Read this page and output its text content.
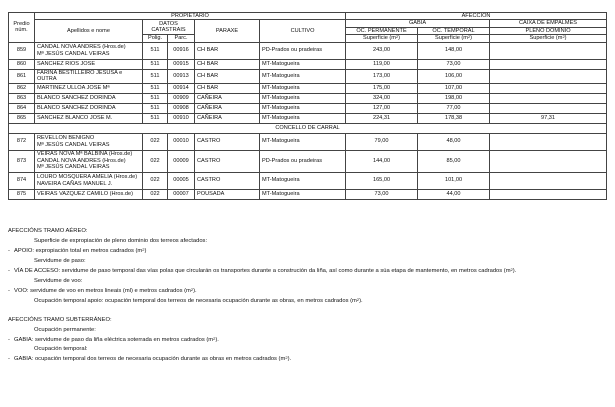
Predio núm.	PROPIETARIO					AFECCIÓN		
	Apellidos e nome	DATOS CATASTRAIS		PARAXE	CULTIVO	GABIA		CAIXA DE EMPALMES
						OC. PERMANENTE	OC. TEMPORAL	PLENO DOMINIO
		Polig.	Parc.			Superficie $(m^2)$	Superficie $(m^2)$	Superficie $(m^2)$
859	CANDAL NOVA ANDRES (Hros.de)
Mª JESÚS CANDAL VEIRAS	511	00916	CH BAR	PD-Prados ou pradeiras	243,00	148,00	
860	SANCHEZ RIOS JOSE	511	00915	CH BAR	MT-Matogueira	119,00	73,00	
861	FARIÑA BESTILLEIRO JESUSA e OUTRA	511	00913	CH BAR	MT-Matogueira	173,00	106,00	
862	MARTINEZ ULLOA JOSE Mª	511	00914	CH BAR	MT-Matogueira	175,00	107,00	
863	BLANCO SANCHEZ DORINDA	511	00909	CAÑEIRA	MT-Matogueira	324,00	198,00	
864	BLANCO SANCHEZ DORINDA	511	00908	CAÑEIRA	MT-Matogueira	127,00	77,00	
865	SANCHEZ BLANCO JOSE M.	511	00910	CAÑEIRA	MT-Matogueira	224,31	178,38	97,31
CONCELLO DE CARRAL								
872	REVELLON BENIGNO
Mª JESÚS CANDAL VEIRAS	022	00010	CASTRO	MT-Matogueira	79,00	48,00	
873	VEIRAS NOVA Mª BALBINA (Hros.de)
CANDAL NOVA ANDRES (Hros.de)
Mª JESÚS CANDAL VEIRAS	022	00009	CASTRO	PD-Prados ou pradeiras	144,00	85,00	
874	LOURO MOSQUERA AMELIA (Hros.de)
NAVEIRA CAÑAS MANUEL J.	022	00005	CASTRO	MT-Matogueira	165,00	101,00	
875	VEIRAS VAZQUEZ CAMILO (Hros.de)	022	00007	POUSADA	MT-Matogueira	73,00	44,00	
AFECCIÓNS TRAMO AÉREO:
Superficie de expropiación de pleno dominio dos terreos afectados:
- APOIO: expropiación total en metros cadrados $(m^2)$
Servidume de paso:
- VÍA DE ACCESO: servidume de paso temporal das vías polas que circularán os transportes durante a construción da liña, así como durante a súa etapa de mantemento, en metros cadrados $(m^2)$.
Servidume de voo:
- VOO: servidume de voo en metros lineais (ml) e metros cadrados $(m^2)$.
Ocupación temporal apoio: ocupación temporal dos terreos de necesaria ocupación durante as obras, en metros cadrados $(m^2)$.
AFECCIÓNS TRAMO SUBTERRÁNEO:
Ocupación permanente:
- GABIA: servidume de paso da liña eléctrica soterrada en metros cadrados $(m^2)$.
Ocupación temporal:
- GABIA: ocupación temporal dos terreos de necesaria ocupación durante as obras en metros cadrados $(m^2)$.
